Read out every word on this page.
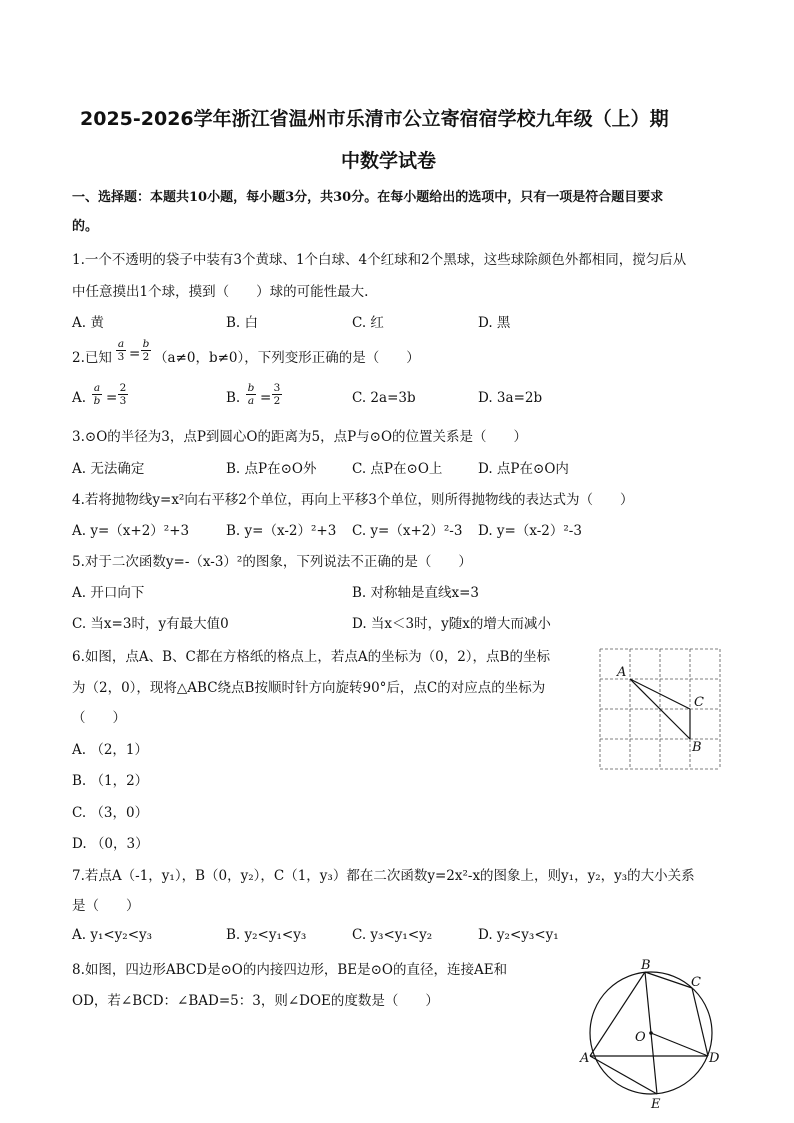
2025-2026学年浙江省温州市乐清市公立寄宿宿学校九年级（上）期
中数学试卷
一、选择题：本题共10小题，每小题3分，共30分。在每小题给出的选项中，只有一项是符合题目要求
的。
1.一个不透明的袋子中装有3个黄球、1个白球、4个红球和2个黑球，这些球除颜色外都相同，搅匀后从
中任意摸出1个球，摸到（　　）球的可能性最大.
A. 黄	B. 白	C. 红	D. 黑
2.已知
a
3 =
b
2 （a≠0，b≠0），下列变形正确的是（　　）
A.
a
b =
2
3	B.
b
a =
3
2	C. 2a=3b	D. 3a=2b
3.⊙O的半径为3，点P到圆心O的距离为5，点P与⊙O的位置关系是（　　）
A. 无法确定	B. 点P在⊙O外	C. 点P在⊙O上	D. 点P在⊙O内
4.若将抛物线y=x²向右平移2个单位，再向上平移3个单位，则所得抛物线的表达式为（　　）
A. y=（x+2）²+3	B. y=（x-2）²+3 C. y=（x+2）²-3 D. y=（x-2）²-3
5.对于二次函数y=-（x-3）²的图象，下列说法不正确的是（　　）
A. 开口向下	B. 对称轴是直线x=3
C. 当x=3时，y有最大值0	D. 当x＜3时，y随x的增大而减小
6.如图，点A、B、C都在方格纸的格点上，若点A的坐标为（0，2），点B的坐标
为（2，0），现将△ABC绕点B按顺时针方向旋转90°后，点C的对应点的坐标为
（　　）
A. （2，1）
B. （1，2）
C. （3，0）
D. （0，3）
A
C
B
7.若点A（-1，y₁），B（0，y₂），C（1，y₃）都在二次函数y=2x²-x的图象上，则y₁，y₂，y₃的大小关系
是（　　）
A. y₁<y₂<y₃	B. y₂<y₁<y₃	C. y₃<y₁<y₂	D. y₂<y₃<y₁
8.如图，四边形ABCD是⊙O的内接四边形，BE是⊙O的直径，连接AE和
OD，若∠BCD：∠BAD=5：3，则∠DOE的度数是（　　）
B
C
O
A	D
E
